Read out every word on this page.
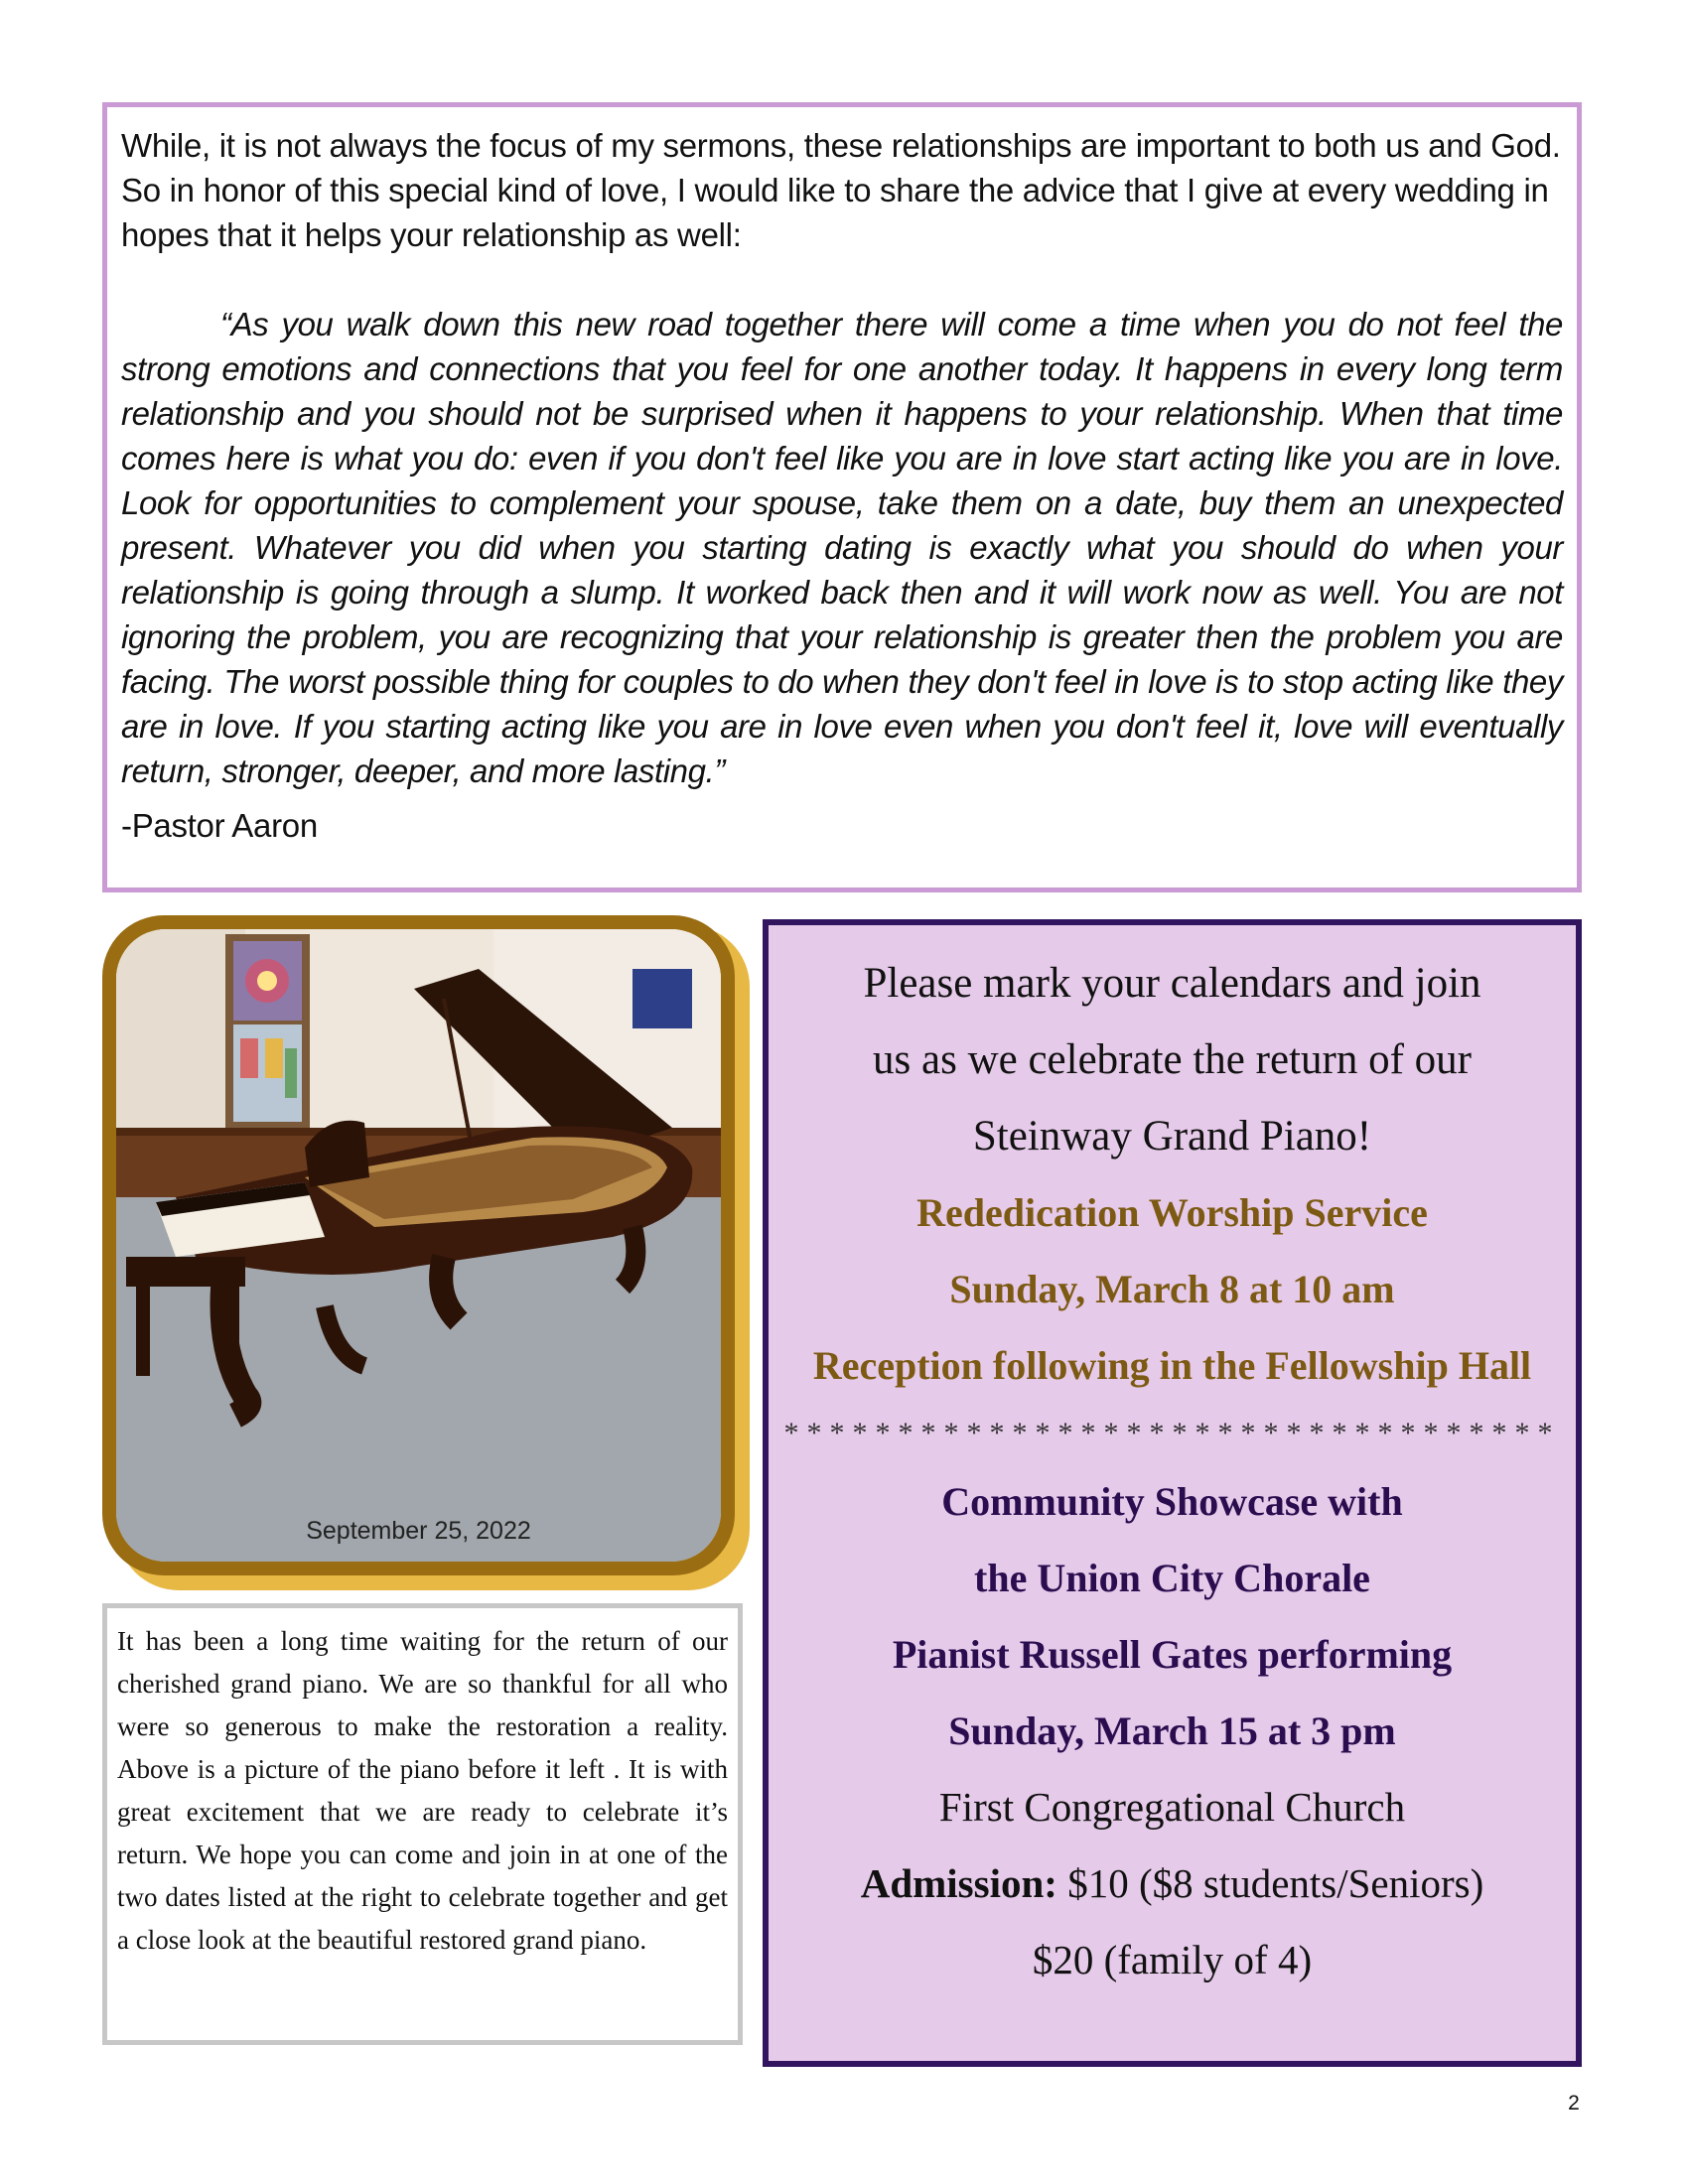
While, it is not always the focus of my sermons, these relationships are important to both us and God. So in honor of this special kind of love, I would like to share the advice that I give at every wedding in hopes that it helps your relationship as well:

“As you walk down this new road together there will come a time when you do not feel the strong emotions and connections that you feel for one another today. It happens in every long term relationship and you should not be surprised when it happens to your relationship. When that time comes here is what you do: even if you don't feel like you are in love start acting like you are in love. Look for opportunities to complement your spouse, take them on a date, buy them an unexpected present. Whatever you did when you starting dating is exactly what you should do when your relationship is going through a slump. It worked back then and it will work now as well. You are not ignoring the problem, you are recognizing that your relationship is greater then the problem you are facing. The worst possible thing for couples to do when they don't feel in love is to stop acting like they are in love. If you starting acting like you are in love even when you don't feel it, love will eventually return, stronger, deeper, and more lasting.”

-Pastor Aaron

September 25, 2022

It has been a long time waiting for the return of our cherished grand piano. We are so thankful for all who were so generous to make the restoration a reality. Above is a picture of the piano before it left . It is with great excitement that we are ready to celebrate it’s return. We hope you can come and join in at one of the two dates listed at the right to celebrate together and get a close look at the beautiful restored grand piano.

Please mark your calendars and join
us as we celebrate the return of our
Steinway Grand Piano!
Rededication Worship Service
Sunday, March 8 at 10 am
Reception following in the Fellowship Hall
**********************************
Community Showcase with
the Union City Chorale
Pianist Russell Gates performing
Sunday, March 15 at 3 pm
First Congregational Church
Admission: $10 ($8 students/Seniors)
$20 (family of 4)
2
